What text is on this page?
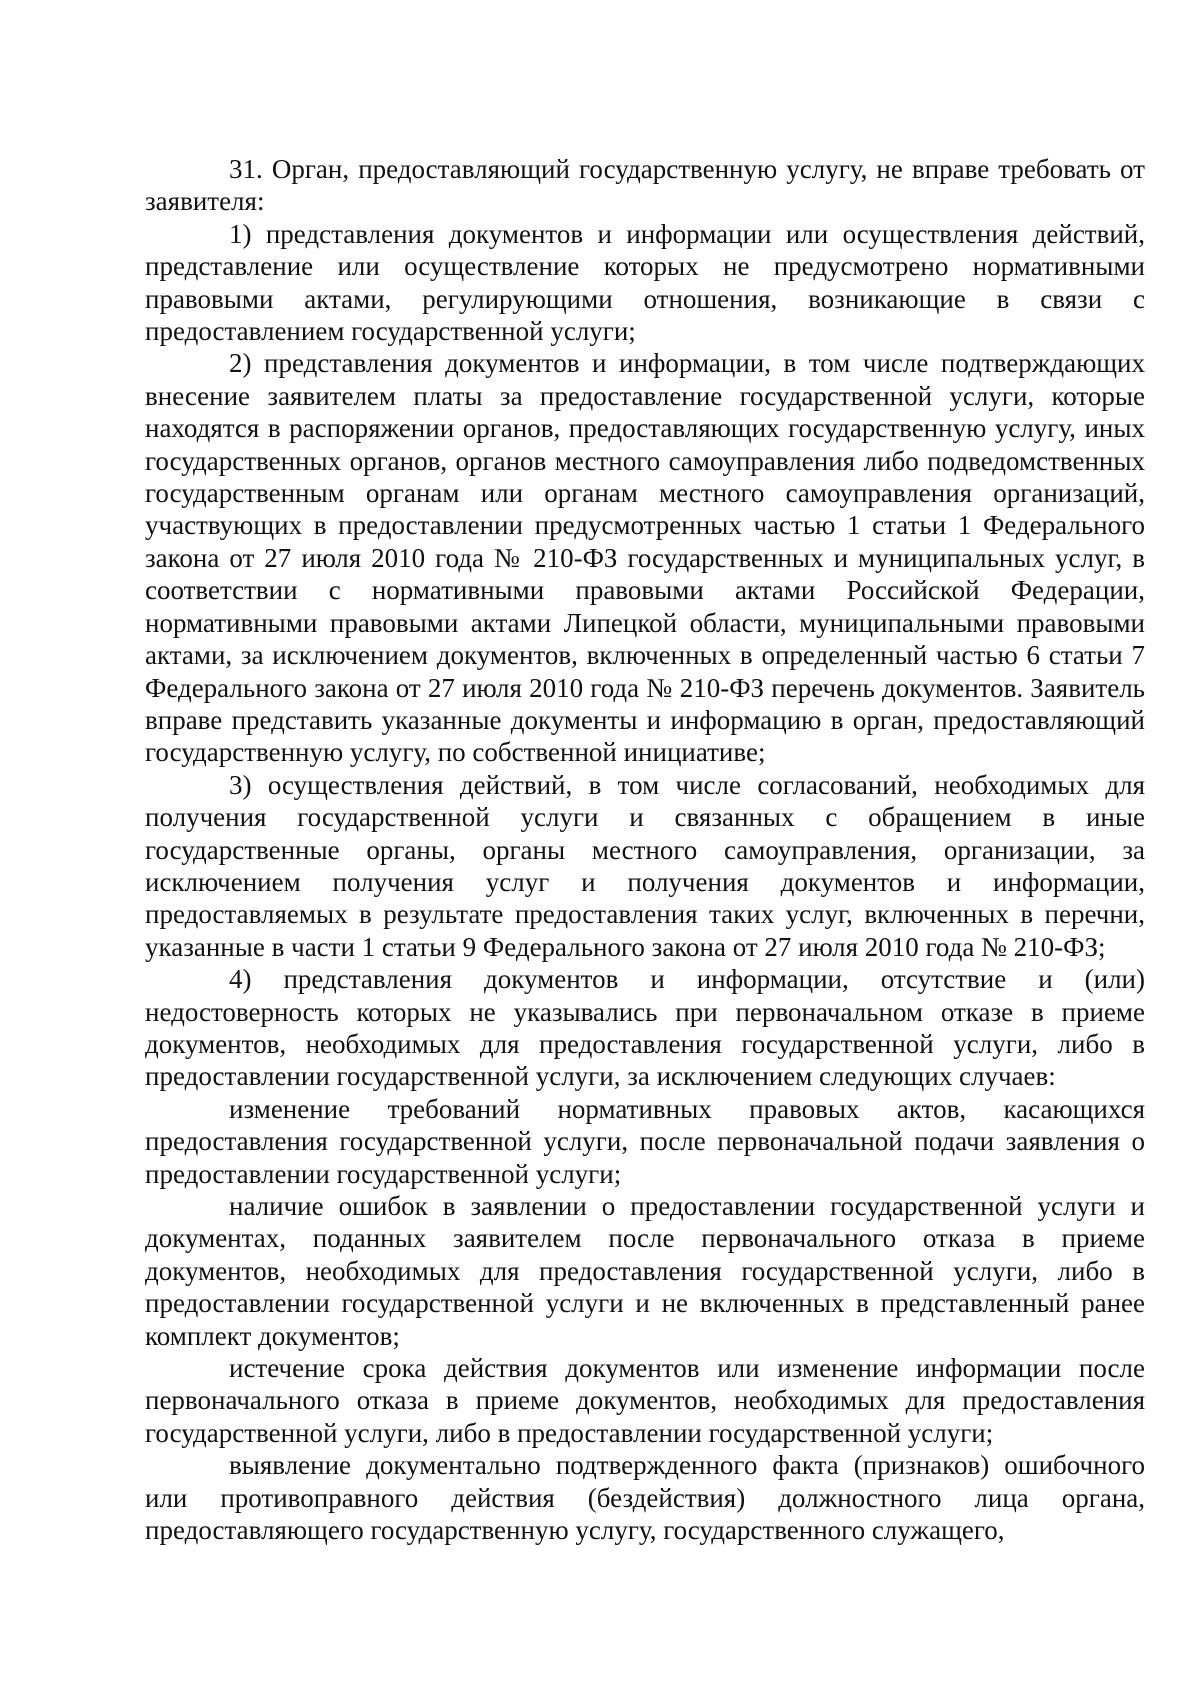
31. Орган, предоставляющий государственную услугу, не вправе требовать от заявителя:

1) представления документов и информации или осуществления действий, представление или осуществление которых не предусмотрено нормативными правовыми актами, регулирующими отношения, возникающие в связи с предоставлением государственной услуги;

2) представления документов и информации, в том числе подтверждающих внесение заявителем платы за предоставление государственной услуги, которые находятся в распоряжении органов, предоставляющих государственную услугу, иных государственных органов, органов местного самоуправления либо подведомственных государственным органам или органам местного самоуправления организаций, участвующих в предоставлении предусмотренных частью 1 статьи 1 Федерального закона от 27 июля 2010 года № 210-ФЗ государственных и муниципальных услуг, в соответствии с нормативными правовыми актами Российской Федерации, нормативными правовыми актами Липецкой области, муниципальными правовыми актами, за исключением документов, включенных в определенный частью 6 статьи 7 Федерального закона от 27 июля 2010 года № 210-ФЗ перечень документов. Заявитель вправе представить указанные документы и информацию в орган, предоставляющий государственную услугу, по собственной инициативе;

3) осуществления действий, в том числе согласований, необходимых для получения государственной услуги и связанных с обращением в иные государственные органы, органы местного самоуправления, организации, за исключением получения услуг и получения документов и информации, предоставляемых в результате предоставления таких услуг, включенных в перечни, указанные в части 1 статьи 9 Федерального закона от 27 июля 2010 года № 210-ФЗ;

4) представления документов и информации, отсутствие и (или) недостоверность которых не указывались при первоначальном отказе в приеме документов, необходимых для предоставления государственной услуги, либо в предоставлении государственной услуги, за исключением следующих случаев:

изменение требований нормативных правовых актов, касающихся предоставления государственной услуги, после первоначальной подачи заявления о предоставлении государственной услуги;

наличие ошибок в заявлении о предоставлении государственной услуги и документах, поданных заявителем после первоначального отказа в приеме документов, необходимых для предоставления государственной услуги, либо в предоставлении государственной услуги и не включенных в представленный ранее комплект документов;

истечение срока действия документов или изменение информации после первоначального отказа в приеме документов, необходимых для предоставления государственной услуги, либо в предоставлении государственной услуги;

выявление документально подтвержденного факта (признаков) ошибочного или противоправного действия (бездействия) должностного лица органа, предоставляющего государственную услугу, государственного служащего,
